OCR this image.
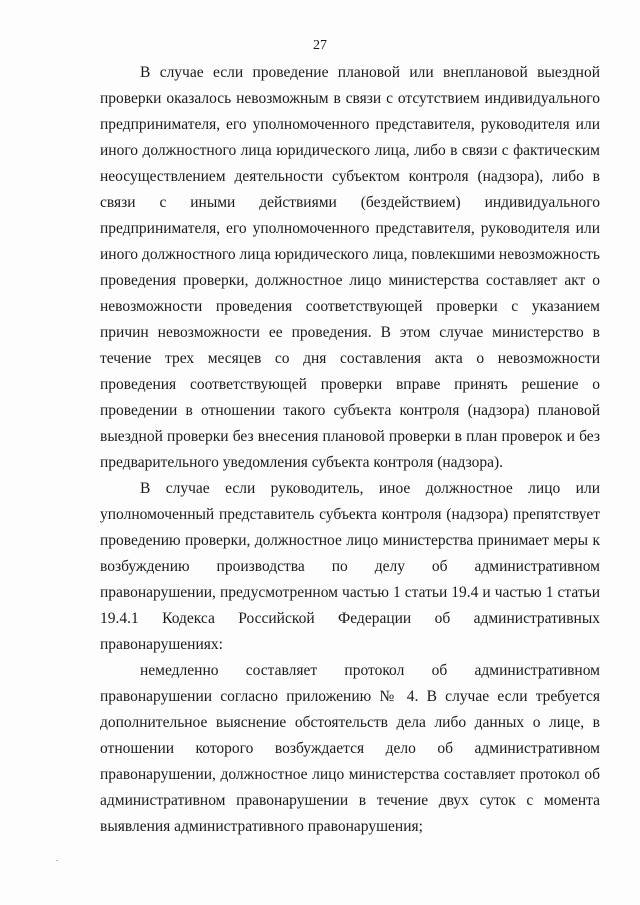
27

В случае если проведение плановой или внеплановой выездной проверки оказалось невозможным в связи с отсутствием индивидуального предпринимателя, его уполномоченного представителя, руководителя или иного должностного лица юридического лица, либо в связи с фактическим неосуществлением деятельности субъектом контроля (надзора), либо в связи с иными действиями (бездействием) индивидуального предпринимателя, его уполномоченного представителя, руководителя или иного должностного лица юридического лица, повлекшими невозможность проведения проверки, должностное лицо министерства составляет акт о невозможности проведения соответствующей проверки с указанием причин невозможности ее проведения. В этом случае министерство в течение трех месяцев со дня составления акта о невозможности проведения соответствующей проверки вправе принять решение о проведении в отношении такого субъекта контроля (надзора) плановой выездной проверки без внесения плановой проверки в план проверок и без предварительного уведомления субъекта контроля (надзора).

В случае если руководитель, иное должностное лицо или уполномоченный представитель субъекта контроля (надзора) препятствует проведению проверки, должностное лицо министерства принимает меры к возбуждению производства по делу об административном правонарушении, предусмотренном частью 1 статьи 19.4 и частью 1 статьи 19.4.1 Кодекса Российской Федерации об административных правонарушениях:

немедленно составляет протокол об административном правонарушении согласно приложению № 4. В случае если требуется дополнительное выяснение обстоятельств дела либо данных о лице, в отношении которого возбуждается дело об административном правонарушении, должностное лицо министерства составляет протокол об административном правонарушении в течение двух суток с момента выявления административного правонарушения;
